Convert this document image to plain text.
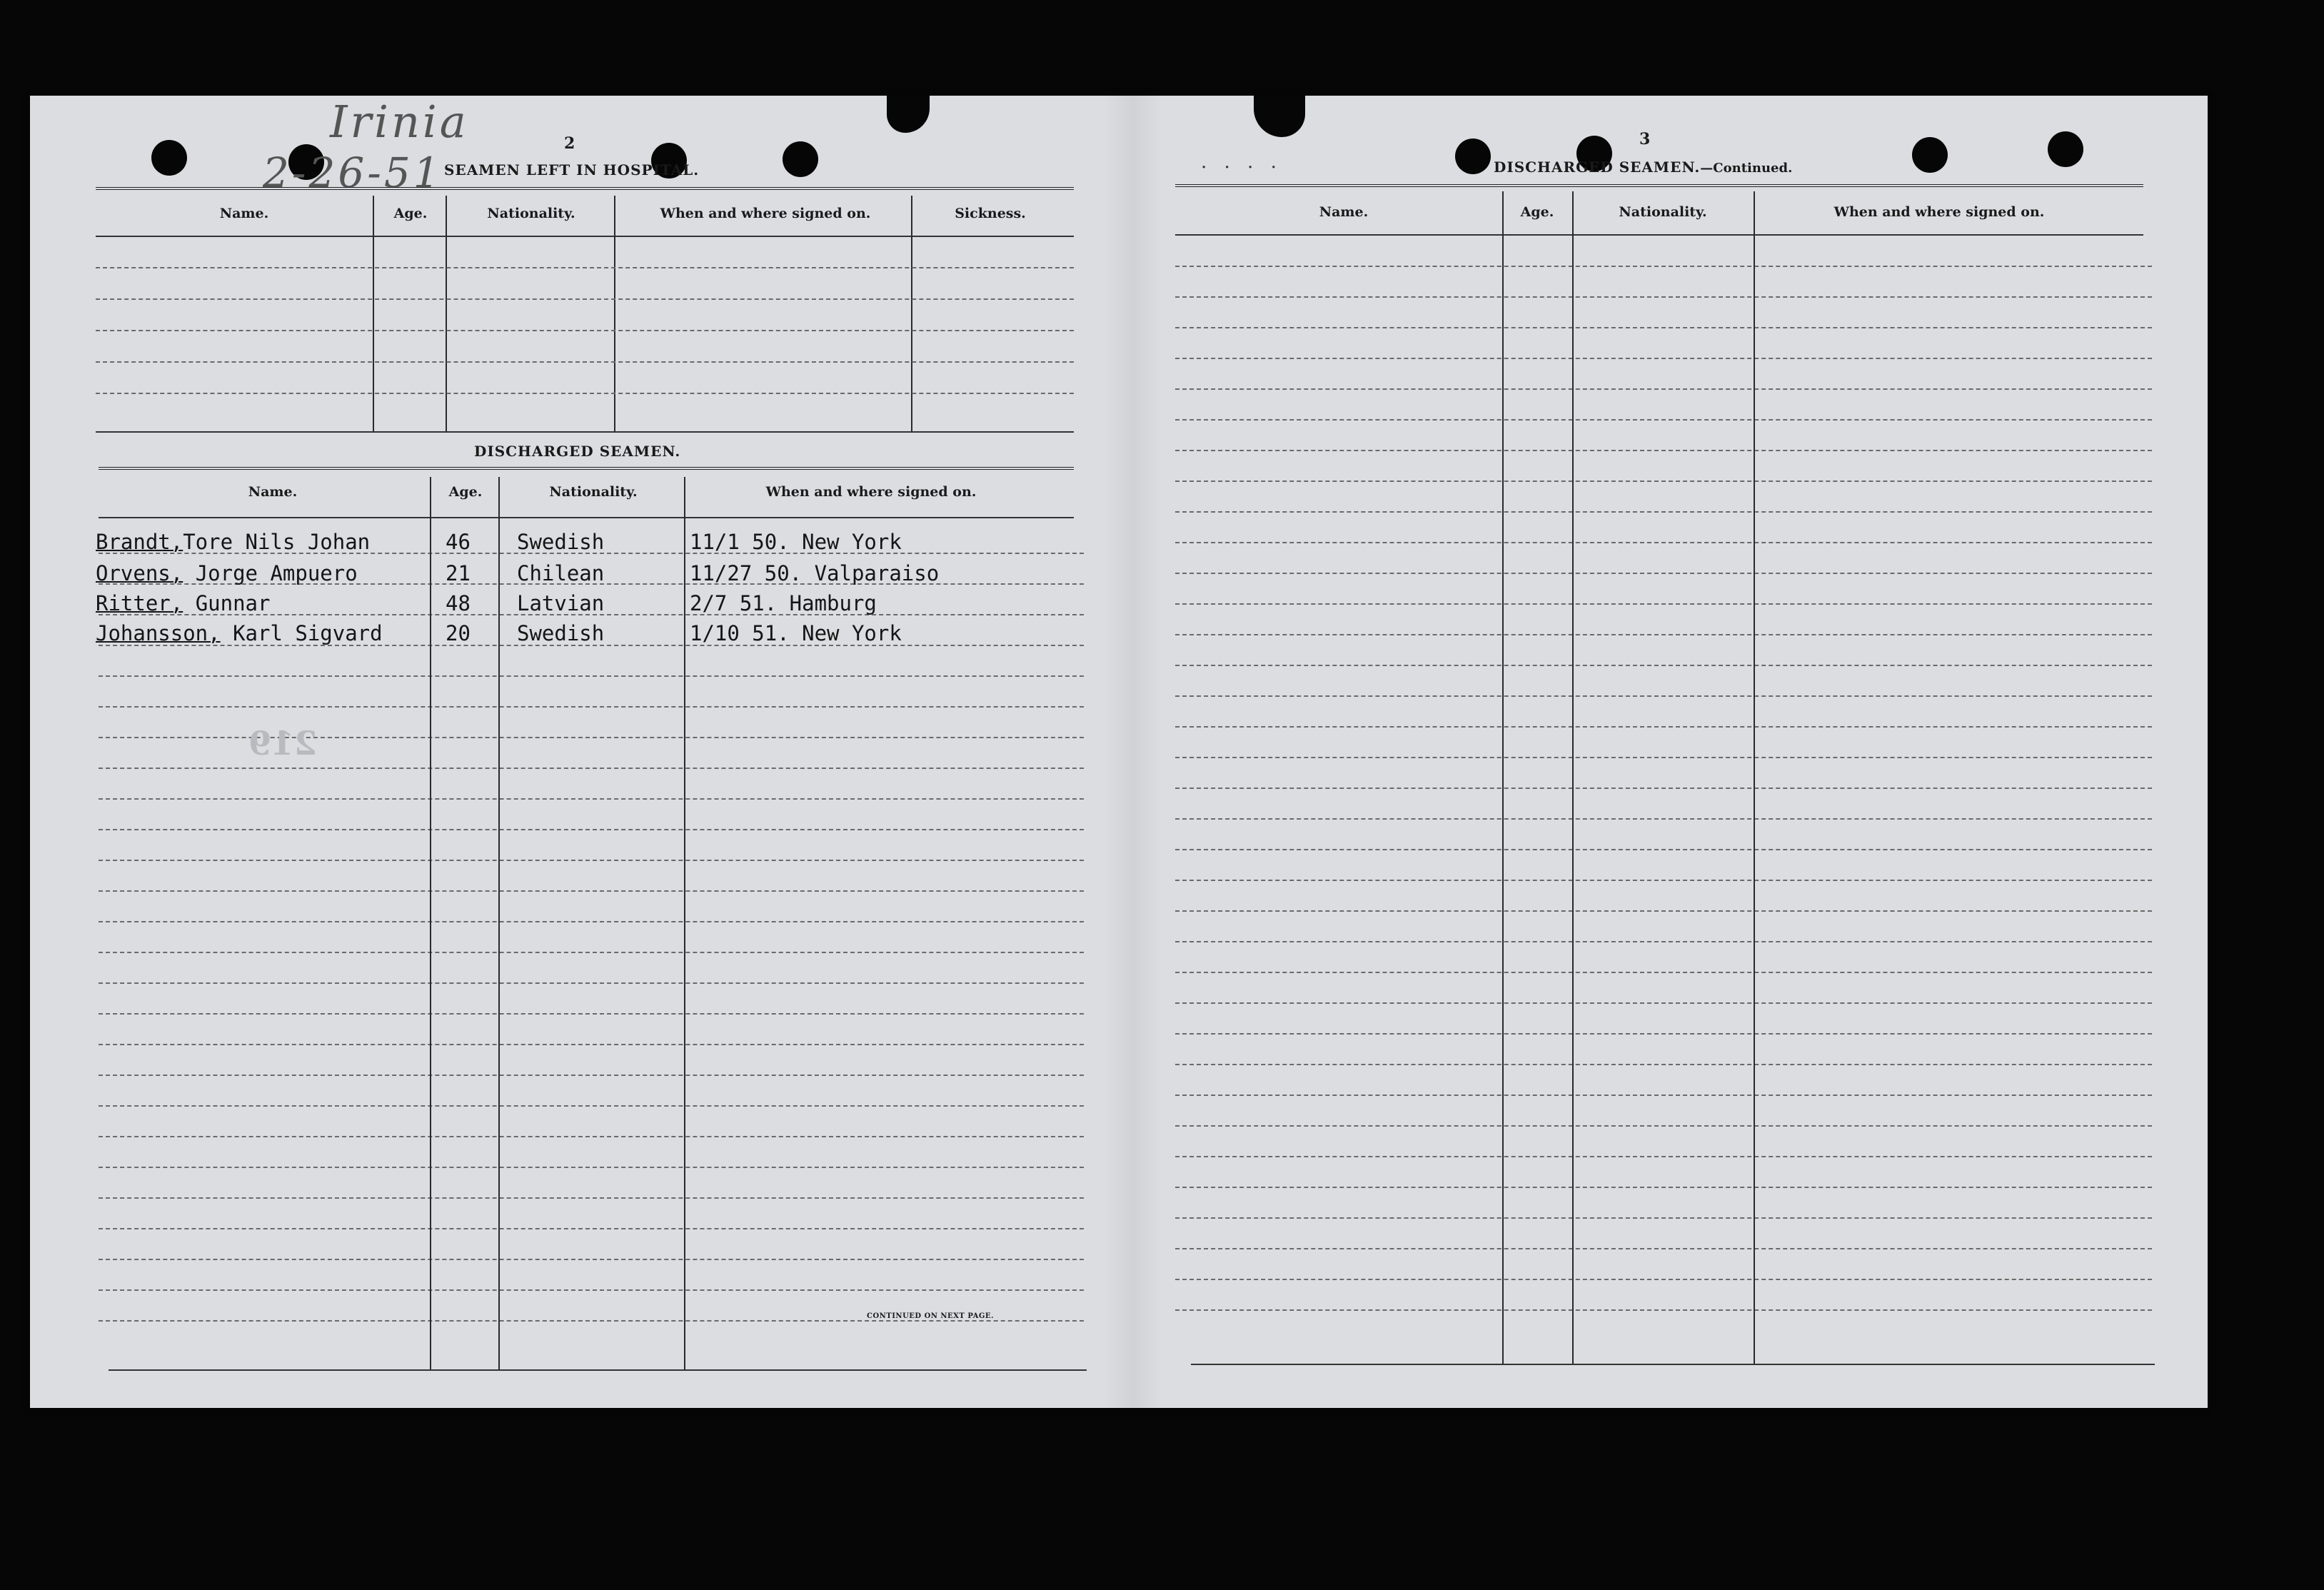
Irinia
2-26-51
2
SEAMEN LEFT IN HOSPITAL.
Name.	Age.	Nationality.	When and where signed on.	Sickness.
DISCHARGED SEAMEN.
Name.	Age.	Nationality.	When and where signed on.
Brandt,Tore Nils Johan	46 Swedish	11/1 50. New York
Orvens, Jorge Ampuero	21 Chilean	11/27 50. Valparaiso
Ritter, Gunnar	48 Latvian	2/7 51. Hamburg
Johansson, Karl Sigvard	20 Swedish	1/10 51. New York
219
CONTINUED ON NEXT PAGE.
. . . .
3
DISCHARGED SEAMEN.—Continued.
Name.	Age.	Nationality.	When and where signed on.
